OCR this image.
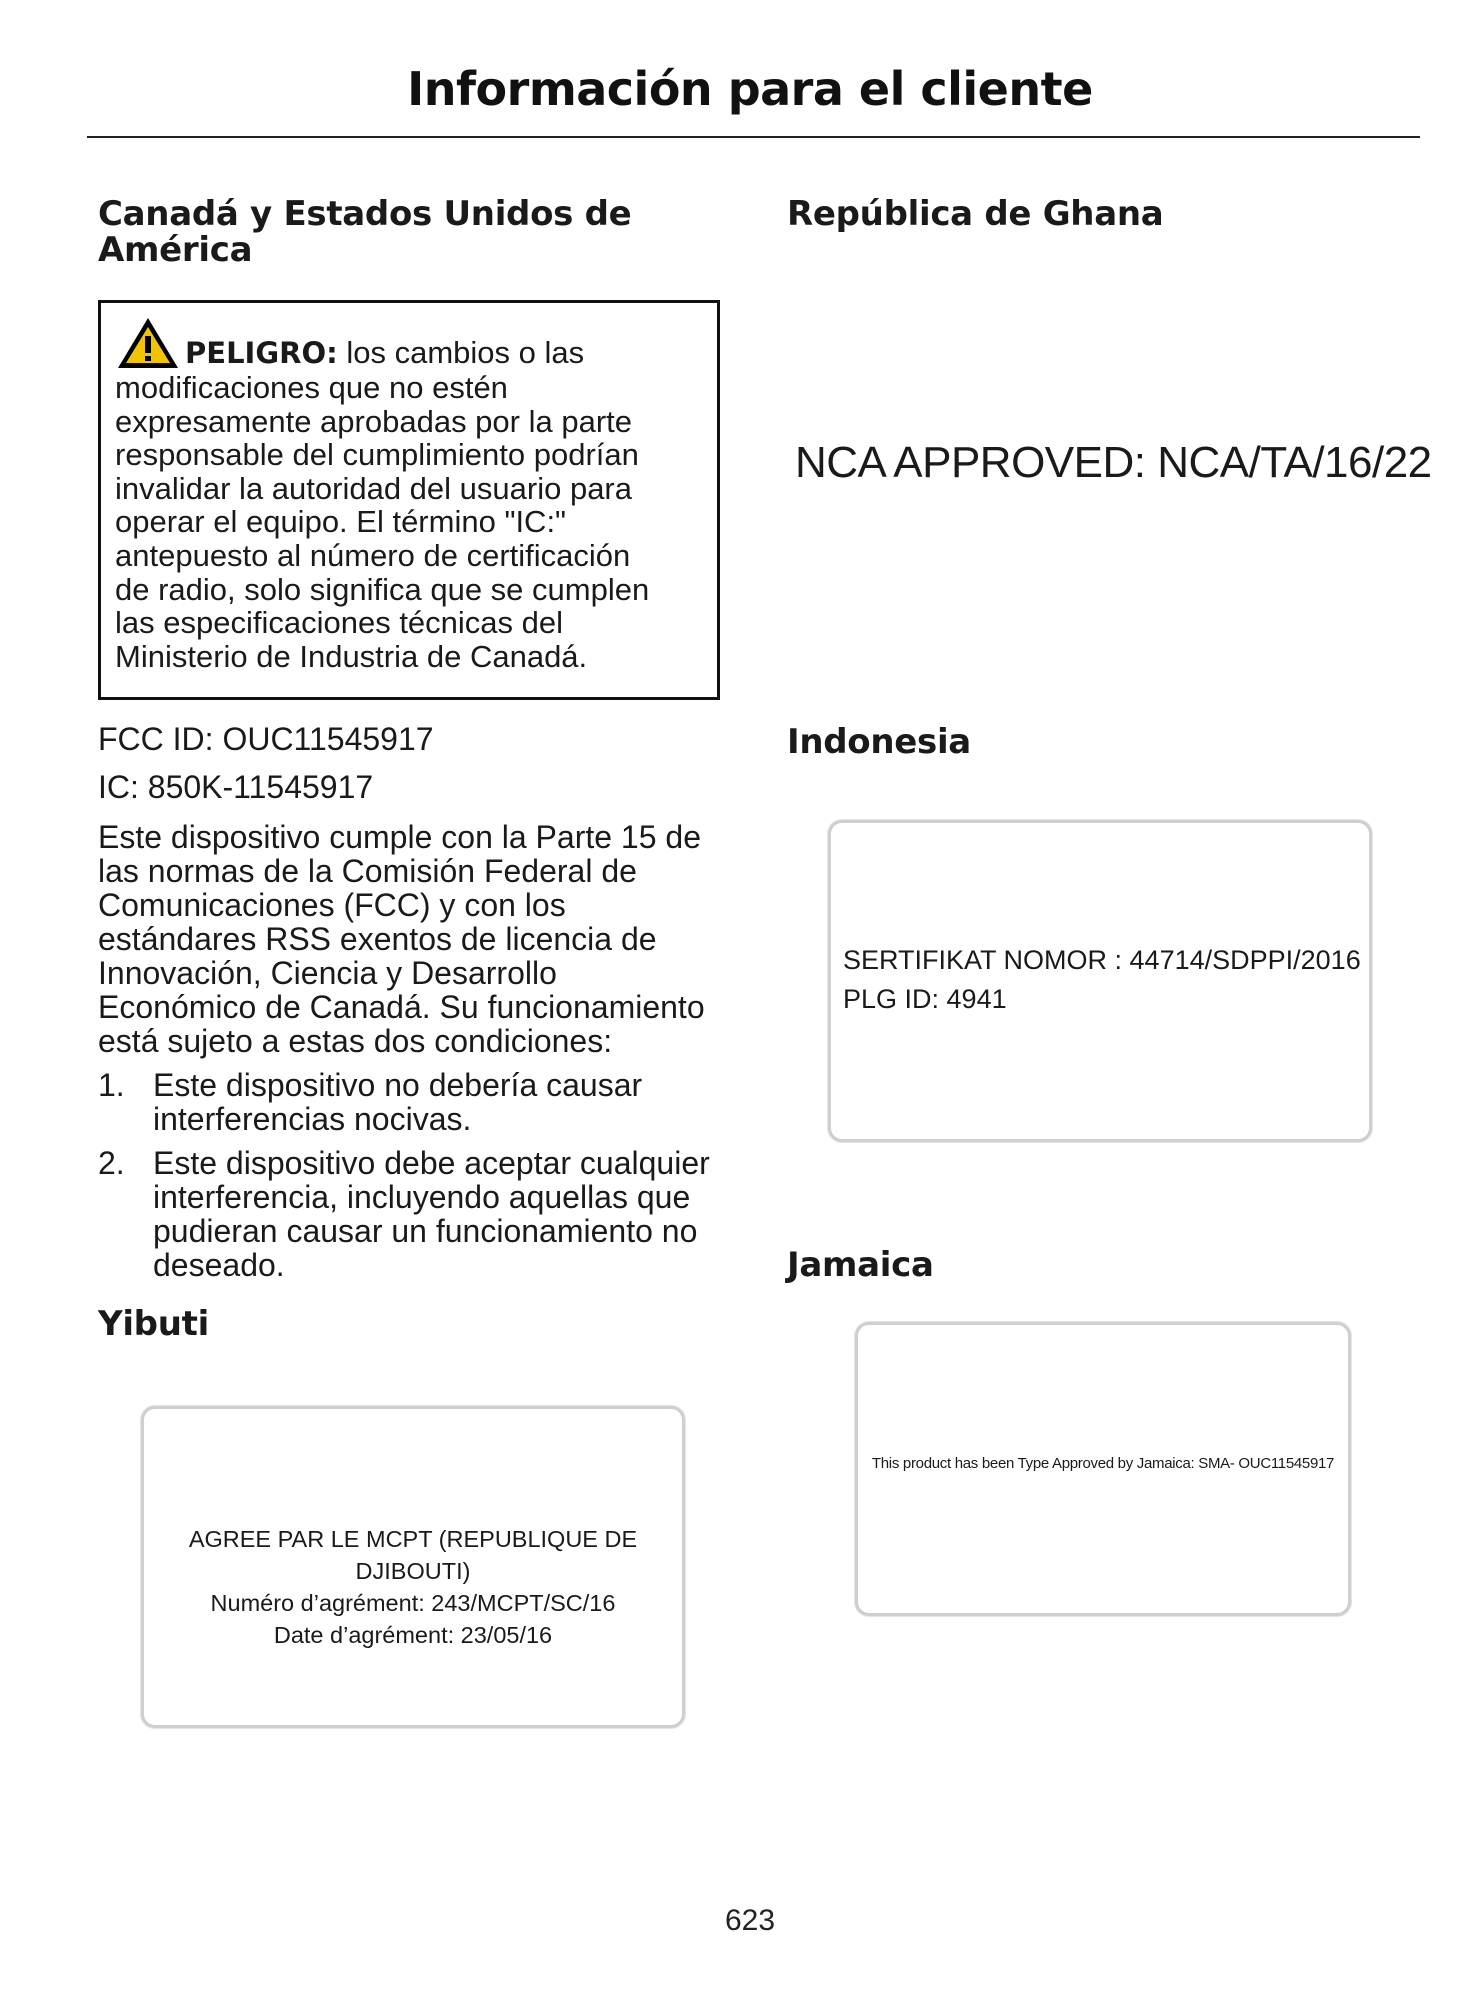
Información para el cliente
Canadá y Estados Unidos de
América
PELIGRO: los cambios o las
modificaciones que no estén
expresamente aprobadas por la parte
responsable del cumplimiento podrían
invalidar la autoridad del usuario para
operar el equipo. El término "IC:"
antepuesto al número de certificación
de radio, solo significa que se cumplen
las especificaciones técnicas del
Ministerio de Industria de Canadá.
FCC ID: OUC11545917
IC: 850K-11545917
Este dispositivo cumple con la Parte 15 de
las normas de la Comisión Federal de
Comunicaciones (FCC) y con los
estándares RSS exentos de licencia de
Innovación, Ciencia y Desarrollo
Económico de Canadá. Su funcionamiento
está sujeto a estas dos condiciones:
1. Este dispositivo no debería causar
interferencias nocivas.
2. Este dispositivo debe aceptar cualquier
interferencia, incluyendo aquellas que
pudieran causar un funcionamiento no
deseado.
Yibuti
AGREE PAR LE MCPT (REPUBLIQUE DE DJIBOUTI)
Numéro d’agrément: 243/MCPT/SC/16
Date d’agrément: 23/05/16
República de Ghana
NCA APPROVED: NCA/TA/16/22
Indonesia
SERTIFIKAT NOMOR : 44714/SDPPI/2016
PLG ID: 4941
Jamaica
This product has been Type Approved by Jamaica: SMA- OUC11545917
623
